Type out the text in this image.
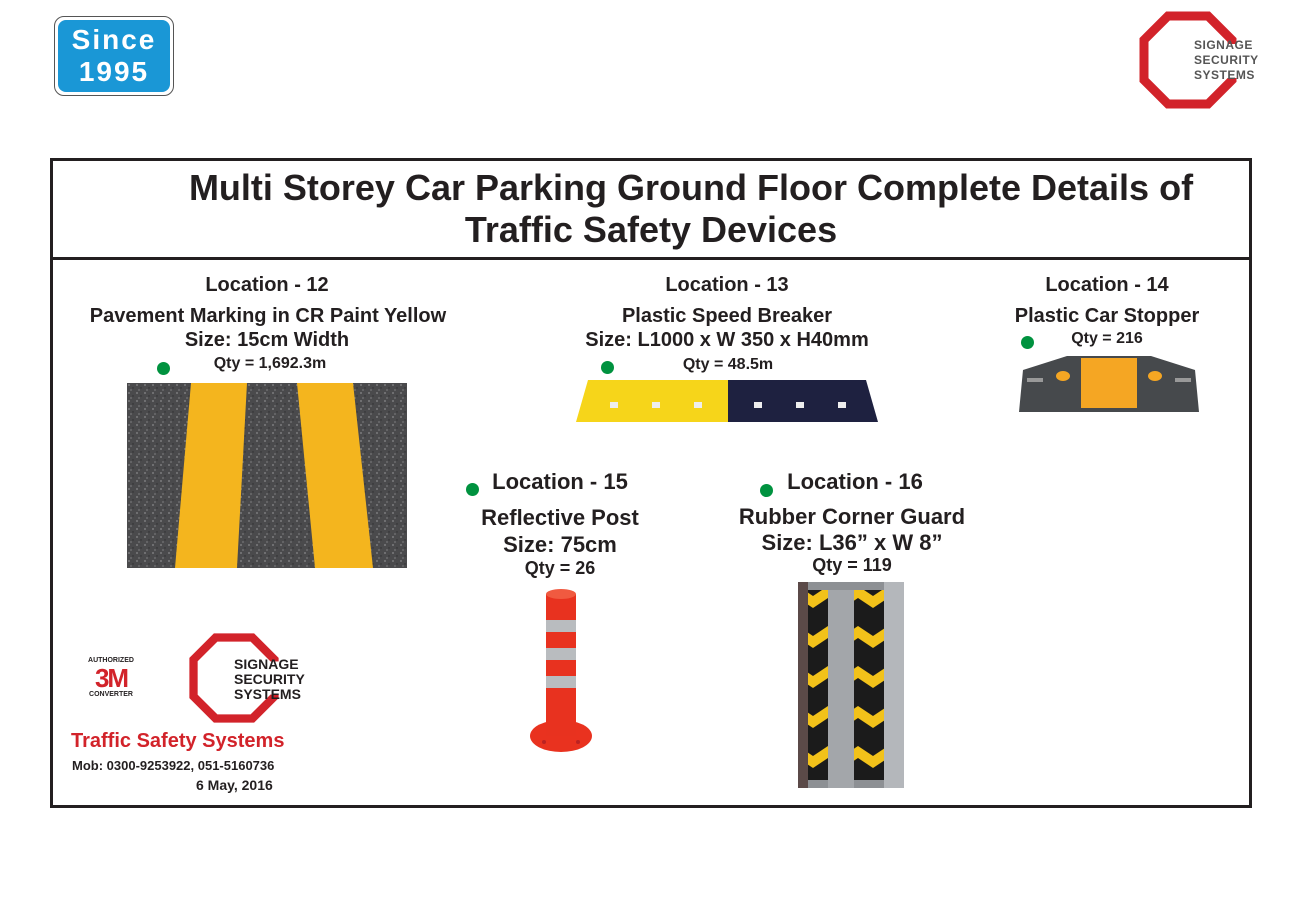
Since
1995
SIGNAGE
SECURITY
SYSTEMS
Multi Storey Car Parking Ground Floor Complete Details of
Traffic Safety Devices
Location - 12
Pavement Marking in CR Paint Yellow
Size: 15cm Width
Qty = 1,692.3m
Location - 13
Plastic Speed Breaker
Size: L1000 x W 350 x H40mm
Qty = 48.5m
Location - 14
Plastic Car Stopper
Qty = 216
Location - 15
Reflective Post
Size: 75cm
Qty = 26
Location - 16
Rubber Corner Guard
Size: L36” x W 8”
Qty = 119
AUTHORIZED
3M
CONVERTER
SIGNAGE
SECURITY
SYSTEMS
Traffic Safety Systems
Mob: 0300-9253922, 051-5160736
6 May, 2016
